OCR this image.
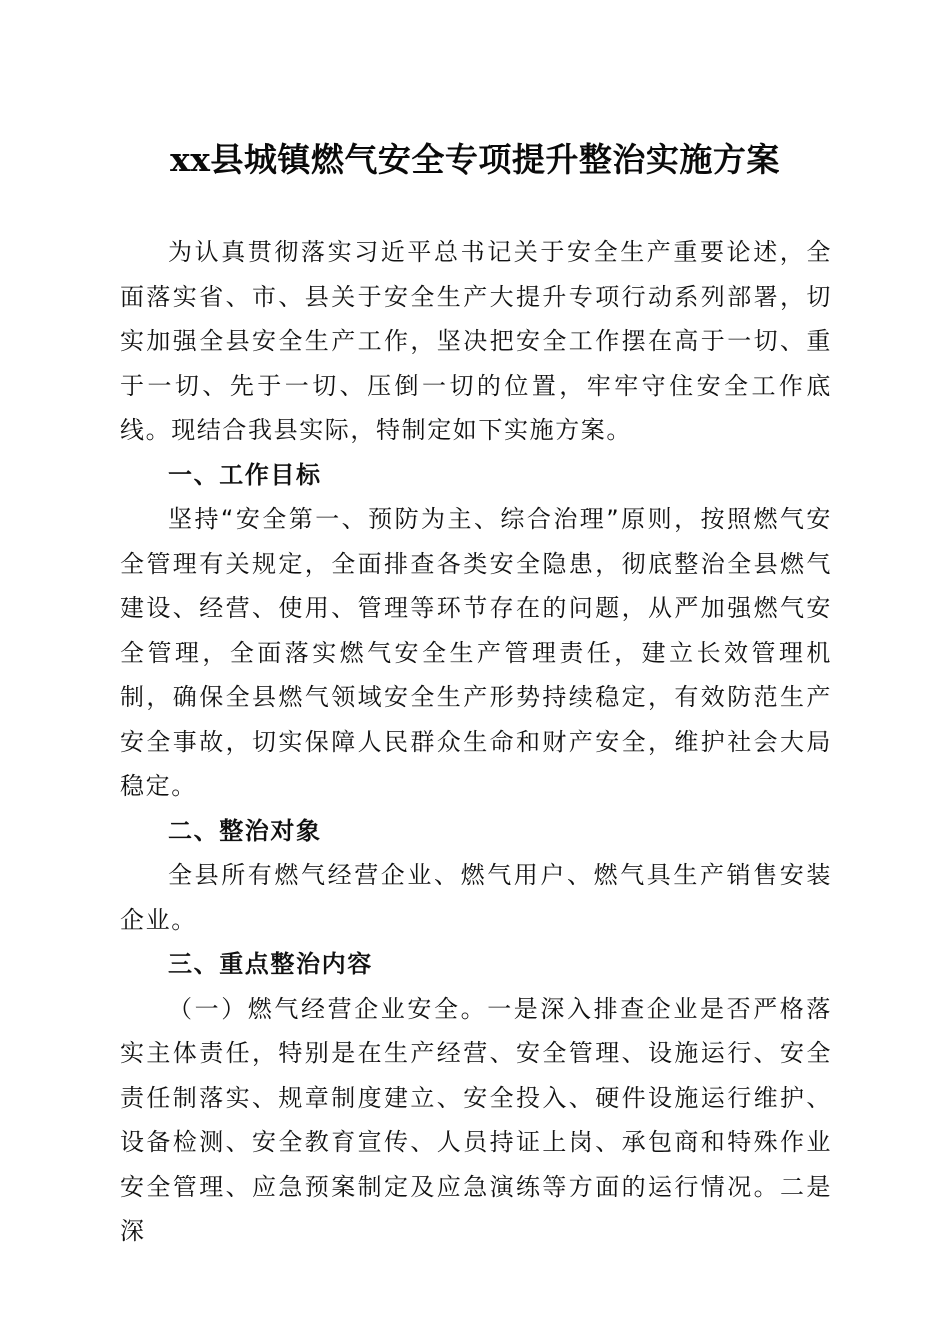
xx县城镇燃气安全专项提升整治实施方案

为认真贯彻落实习近平总书记关于安全生产重要论述，全面落实省、市、县关于安全生产大提升专项行动系列部署，切实加强全县安全生产工作，坚决把安全工作摆在高于一切、重于一切、先于一切、压倒一切的位置，牢牢守住安全工作底线。现结合我县实际，特制定如下实施方案。

一、工作目标

坚持“安全第一、预防为主、综合治理”原则，按照燃气安全管理有关规定，全面排查各类安全隐患，彻底整治全县燃气建设、经营、使用、管理等环节存在的问题，从严加强燃气安全管理，全面落实燃气安全生产管理责任，建立长效管理机制，确保全县燃气领域安全生产形势持续稳定，有效防范生产安全事故，切实保障人民群众生命和财产安全，维护社会大局稳定。

二、整治对象

全县所有燃气经营企业、燃气用户、燃气具生产销售安装企业。

三、重点整治内容

（一）燃气经营企业安全。一是深入排查企业是否严格落实主体责任，特别是在生产经营、安全管理、设施运行、安全责任制落实、规章制度建立、安全投入、硬件设施运行维护、设备检测、安全教育宣传、人员持证上岗、承包商和特殊作业安全管理、应急预案制定及应急演练等方面的运行情况。二是深
